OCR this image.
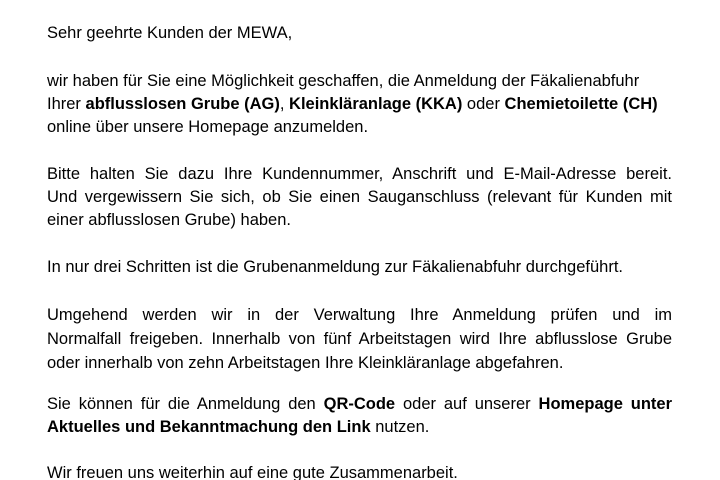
Sehr geehrte Kunden der MEWA,

wir haben für Sie eine Möglichkeit geschaffen, die Anmeldung der Fäkalienabfuhr
Ihrer abflusslosen Grube (AG), Kleinkläranlage (KKA) oder Chemietoilette (CH)
online über unsere Homepage anzumelden.

Bitte halten Sie dazu Ihre Kundennummer, Anschrift und E-Mail-Adresse bereit.
Und vergewissern Sie sich, ob Sie einen Sauganschluss (relevant für Kunden mit
einer abflusslosen Grube) haben.

In nur drei Schritten ist die Grubenanmeldung zur Fäkalienabfuhr durchgeführt.

Umgehend werden wir in der Verwaltung Ihre Anmeldung prüfen und im
Normalfall freigeben. Innerhalb von fünf Arbeitstagen wird Ihre abflusslose Grube
oder innerhalb von zehn Arbeitstagen Ihre Kleinkläranlage abgefahren.

Sie können für die Anmeldung den QR-Code oder auf unserer Homepage unter
Aktuelles und Bekanntmachung den Link nutzen.

Wir freuen uns weiterhin auf eine gute Zusammenarbeit.
